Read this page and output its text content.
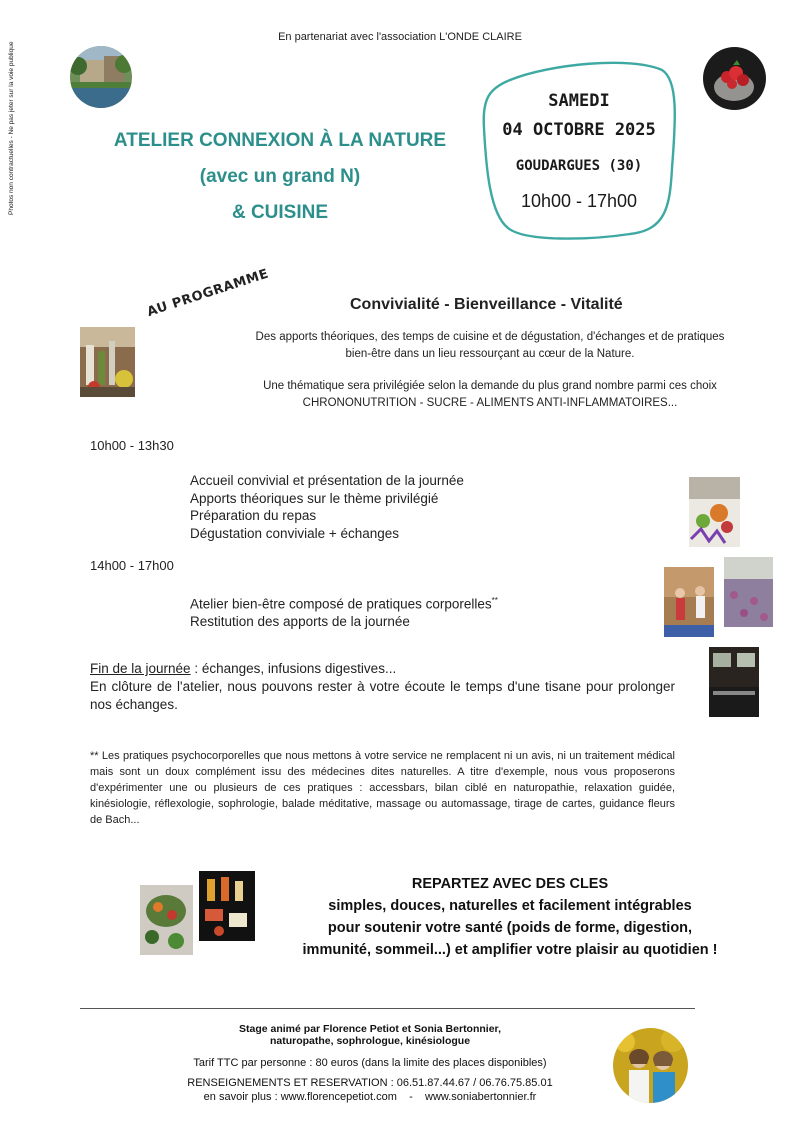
Photos non contractuelles - Ne pas jeter sur la voie publique
En partenariat avec l'association L'ONDE CLAIRE
ATELIER CONNEXION À LA NATURE
(avec un grand N)
& CUISINE
SAMEDI
04 OCTOBRE 2025
GOUDARGUES (30)
10h00 - 17h00
AU PROGRAMME	Convivialité - Bienveillance - Vitalité
Des apports théoriques, des temps de cuisine et de dégustation, d'échanges et de pratiques
bien-être dans un lieu ressourçant au cœur de la Nature.
Une thématique sera privilégiée selon la demande du plus grand nombre parmi ces choix
CHRONONUTRITION - SUCRE - ALIMENTS ANTI-INFLAMMATOIRES...
10h00 - 13h30
Accueil convivial et présentation de la journée
Apports théoriques sur le thème privilégié
Préparation du repas
Dégustation conviviale + échanges
14h00 - 17h00
Atelier bien-être composé de pratiques corporelles**
Restitution des apports de la journée
Fin de la journée : échanges, infusions digestives...
En clôture de l'atelier, nous pouvons rester à votre écoute le temps d'une tisane pour prolonger nos échanges.
** Les pratiques psychocorporelles que nous mettons à votre service ne remplacent ni un avis, ni un traitement médical mais sont un doux complément issu des médecines dites naturelles. A titre d'exemple, nous vous proposerons d'expérimenter une ou plusieurs de ces pratiques : accessbars, bilan ciblé en naturopathie, relaxation guidée, kinésiologie, réflexologie, sophrologie, balade méditative, massage ou automassage, tirage de cartes, guidance fleurs de Bach...
REPARTEZ AVEC DES CLES
simples, douces, naturelles et facilement intégrables
pour soutenir votre santé (poids de forme, digestion,
immunité, sommeil...) et amplifier votre plaisir au quotidien !
Stage animé par Florence Petiot et Sonia Bertonnier,
naturopathe, sophrologue, kinésiologue
Tarif TTC par personne : 80 euros (dans la limite des places disponibles)
RENSEIGNEMENTS ET RESERVATION : 06.51.87.44.67 / 06.76.75.85.01
en savoir plus : www.florencepetiot.com - www.soniabertonnier.fr
